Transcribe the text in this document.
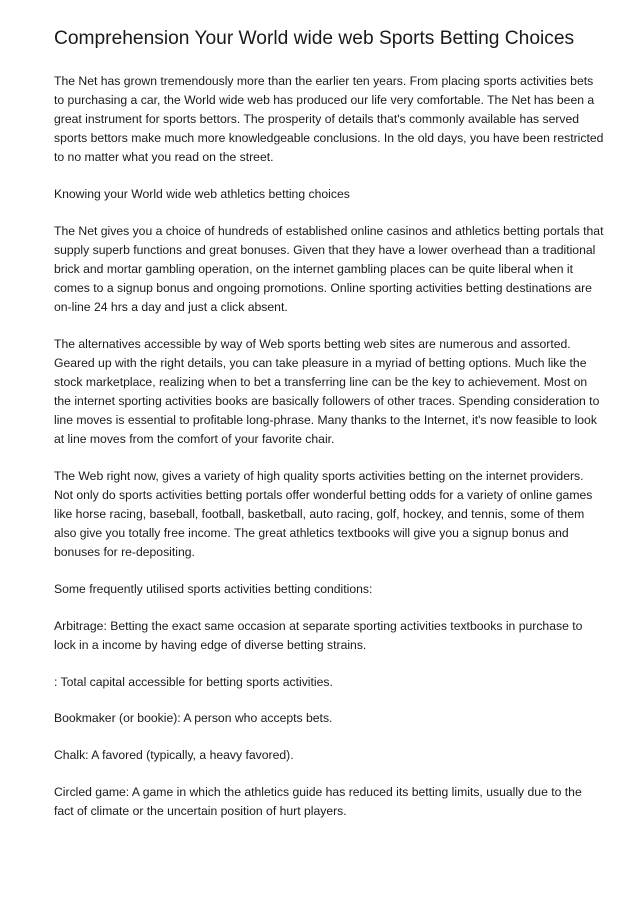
Comprehension Your World wide web Sports Betting Choices

The Net has grown tremendously more than the earlier ten years. From placing sports activities bets to purchasing a car, the World wide web has produced our life very comfortable. The Net has been a great instrument for sports bettors. The prosperity of details that's commonly available has served sports bettors make much more knowledgeable conclusions. In the old days, you have been restricted to no matter what you read on the street.

Knowing your World wide web athletics betting choices

The Net gives you a choice of hundreds of established online casinos and athletics betting portals that supply superb functions and great bonuses. Given that they have a lower overhead than a traditional brick and mortar gambling operation, on the internet gambling places can be quite liberal when it comes to a signup bonus and ongoing promotions. Online sporting activities betting destinations are on-line 24 hrs a day and just a click absent.

The alternatives accessible by way of Web sports betting web sites are numerous and assorted. Geared up with the right details, you can take pleasure in a myriad of betting options. Much like the stock marketplace, realizing when to bet a transferring line can be the key to achievement. Most on the internet sporting activities books are basically followers of other traces. Spending consideration to line moves is essential to profitable long-phrase. Many thanks to the Internet, it's now feasible to look at line moves from the comfort of your favorite chair.

The Web right now, gives a variety of high quality sports activities betting on the internet providers. Not only do sports activities betting portals offer wonderful betting odds for a variety of online games like horse racing, baseball, football, basketball, auto racing, golf, hockey, and tennis, some of them also give you totally free income. The great athletics textbooks will give you a signup bonus and bonuses for re-depositing.

Some frequently utilised sports activities betting conditions:

Arbitrage: Betting the exact same occasion at separate sporting activities textbooks in purchase to lock in a income by having edge of diverse betting strains.

: Total capital accessible for betting sports activities.

Bookmaker (or bookie): A person who accepts bets.

Chalk: A favored (typically, a heavy favored).

Circled game: A game in which the athletics guide has reduced its betting limits, usually due to the fact of climate or the uncertain position of hurt players.
